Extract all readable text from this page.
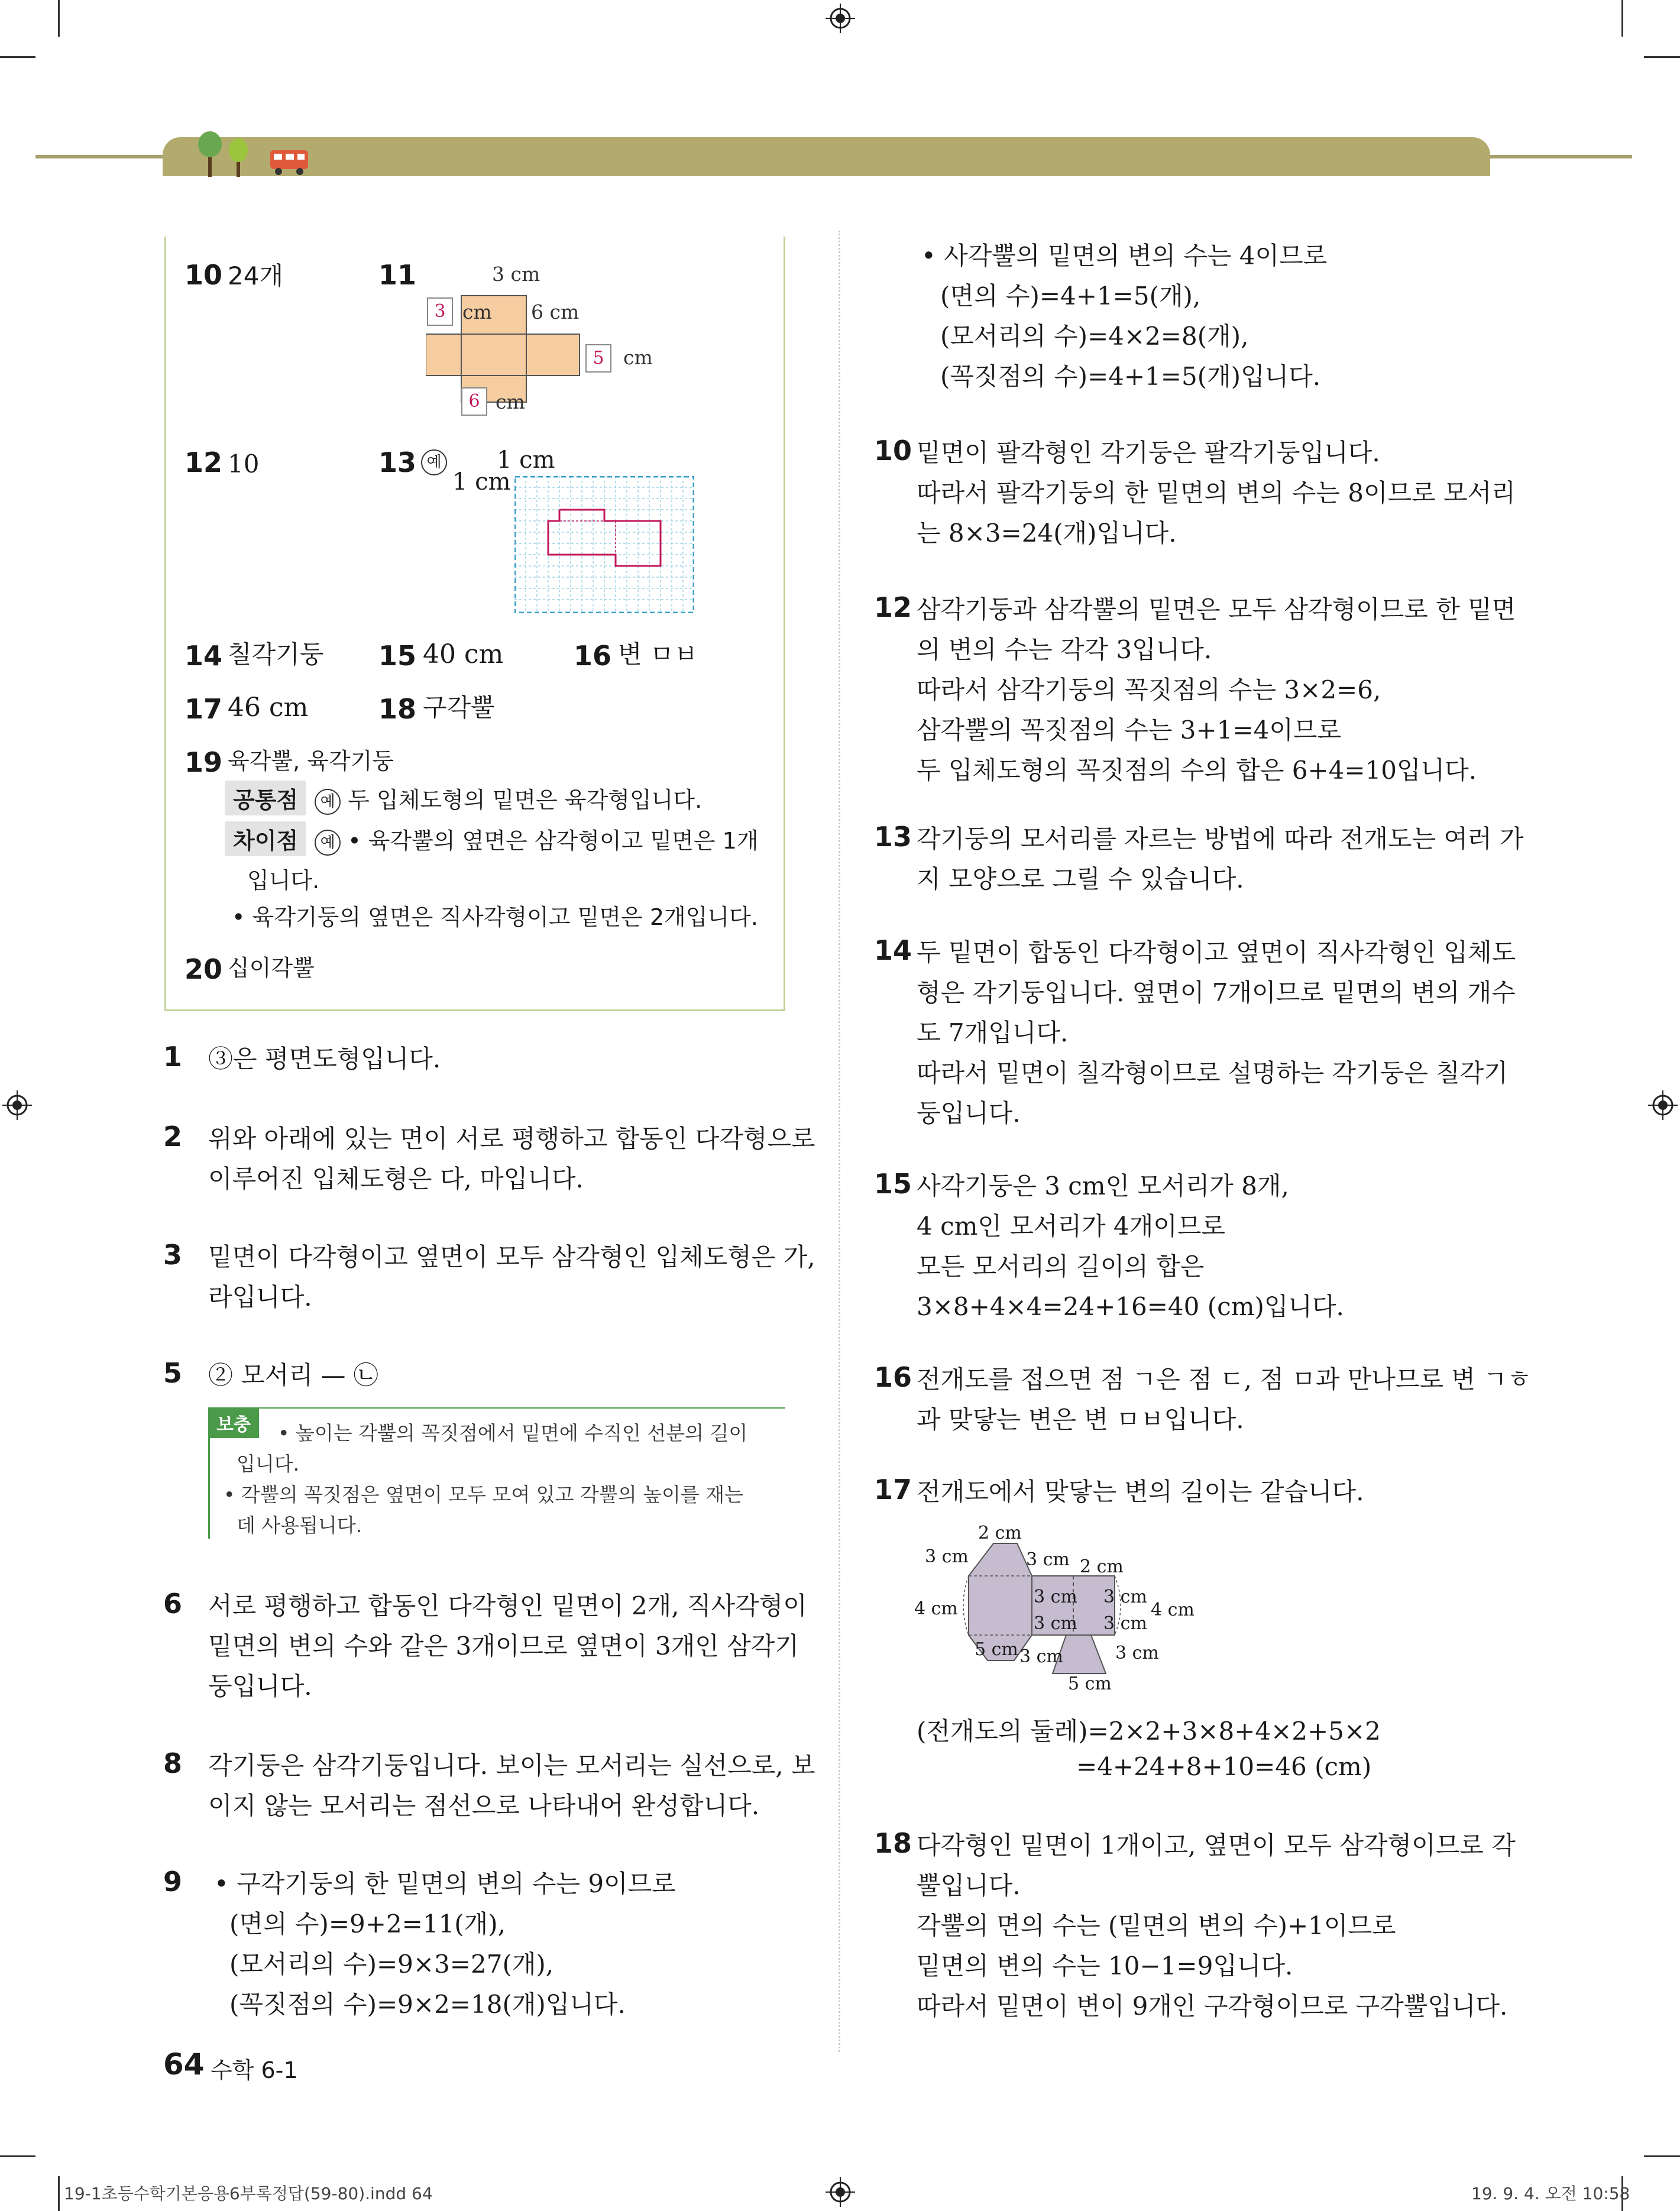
10 24개	11	3 cm
3 cm 6 cm
5 cm
6 cm
12 10	13 예 1 cm
1 cm
14 칠각기둥 15 40 cm	16 변 ㅁㅂ
17 46 cm	18 구각뿔
19 육각뿔, 육각기둥
공통점 예 두 입체도형의 밑면은 육각형입니다.
차이점 예 • 육각뿔의 옆면은 삼각형이고 밑면은 1개
입니다.
• 육각기둥의 옆면은 직사각형이고 밑면은 2개입니다.
20 십이각뿔
1 ③은 평면도형입니다.
2 위와 아래에 있는 면이 서로 평행하고 합동인 다각형으로
이루어진 입체도형은 다, 마입니다.
3 밑면이 다각형이고 옆면이 모두 삼각형인 입체도형은 가,
라입니다.
5 ② 모서리 — ㉡
보충	• 높이는 각뿔의 꼭짓점에서 밑면에 수직인 선분의 길이
입니다.
• 각뿔의 꼭짓점은 옆면이 모두 모여 있고 각뿔의 높이를 재는
데 사용됩니다.
6 서로 평행하고 합동인 다각형인 밑면이 2개, 직사각형이
밑면의 변의 수와 같은 3개이므로 옆면이 3개인 삼각기
둥입니다.
8 각기둥은 삼각기둥입니다. 보이는 모서리는 실선으로, 보
이지 않는 모서리는 점선으로 나타내어 완성합니다.
9 • 구각기둥의 한 밑면의 변의 수는 9이므로
(면의 수)=9+2=11(개),
(모서리의 수)=9×3=27(개),
(꼭짓점의 수)=9×2=18(개)입니다.
• 사각뿔의 밑면의 변의 수는 4이므로
(면의 수)=4+1=5(개),
(모서리의 수)=4×2=8(개),
(꼭짓점의 수)=4+1=5(개)입니다.
10 밑면이 팔각형인 각기둥은 팔각기둥입니다.
따라서 팔각기둥의 한 밑면의 변의 수는 8이므로 모서리
는 8×3=24(개)입니다.
12 삼각기둥과 삼각뿔의 밑면은 모두 삼각형이므로 한 밑면
의 변의 수는 각각 3입니다.
따라서 삼각기둥의 꼭짓점의 수는 3×2=6,
삼각뿔의 꼭짓점의 수는 3+1=4이므로
두 입체도형의 꼭짓점의 수의 합은 6+4=10입니다.
13 각기둥의 모서리를 자르는 방법에 따라 전개도는 여러 가
지 모양으로 그릴 수 있습니다.
14 두 밑면이 합동인 다각형이고 옆면이 직사각형인 입체도
형은 각기둥입니다. 옆면이 7개이므로 밑면의 변의 개수
도 7개입니다.
따라서 밑면이 칠각형이므로 설명하는 각기둥은 칠각기
둥입니다.
15 사각기둥은 3 cm인 모서리가 8개,
4 cm인 모서리가 4개이므로
모든 모서리의 길이의 합은
3×8+4×4=24+16=40 (cm)입니다.
16 전개도를 접으면 점 ㄱ은 점 ㄷ, 점 ㅁ과 만나므로 변 ㄱㅎ
과 맞닿는 변은 변 ㅁㅂ입니다.
17 전개도에서 맞닿는 변의 길이는 같습니다.
2 cm
3 cm	3 cm 2 cm
4 cm
3 cm 3 cm
3 cm 3 cm
4 cm
5 cm 3 cm	3 cm
5 cm
(전개도의 둘레)=2×2+3×8+4×2+5×2
=4+24+8+10=46 (cm)
18 다각형인 밑면이 1개이고, 옆면이 모두 삼각형이므로 각
뿔입니다.
각뿔의 면의 수는 (밑면의 변의 수)+1이므로
밑면의 변의 수는 10−1=9입니다.
따라서 밑면이 변이 9개인 구각형이므로 구각뿔입니다.
64 수학 6-1
19-1초등수학기본응용6부록정답(59-80).indd 64	19. 9. 4. 오전 10:58
